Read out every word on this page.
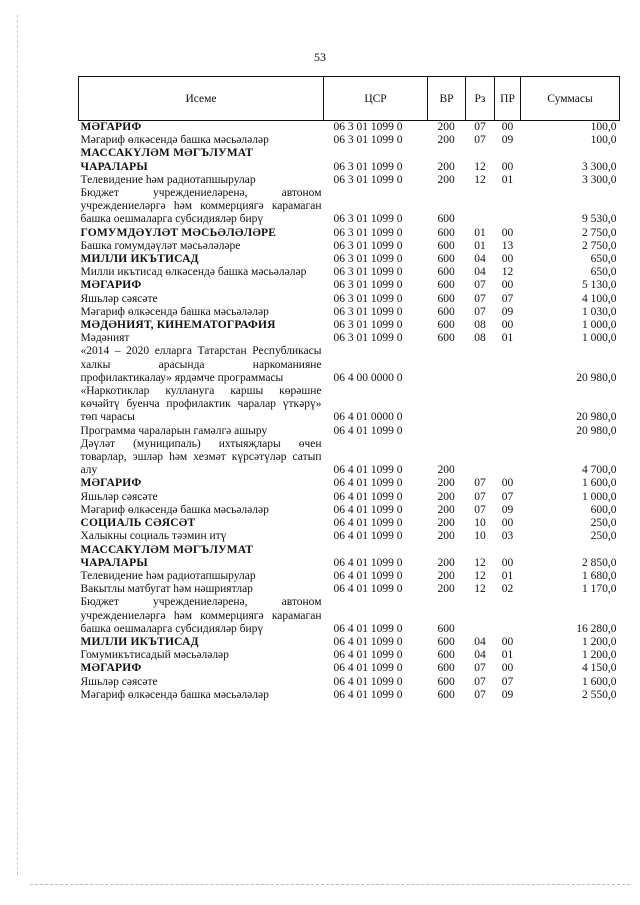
53
Исеме	ЦСР	ВР	Рз	ПР	Суммасы
МӘГАРИФ	06 3 01 1099 0	200	07	00	100,0
Мәгариф өлкәсендә башка мәсьәләләр	06 3 01 1099 0	200	07	09	100,0
МАССАКҮЛӘМ МӘГЪЛУМАТ ЧАРАЛАРЫ	06 3 01 1099 0	200	12	00	3 300,0
Телевидение һәм радиотапшырулар	06 3 01 1099 0	200	12	01	3 300,0
Бюджет учреждениеләренә, автоном учреждениеләргә һәм коммерциягә карамаган башка оешмаларга субсидияләр бирү	06 3 01 1099 0	600			9 530,0
ГОМУМДӘҮЛӘТ МӘСЬӘЛӘЛӘРЕ	06 3 01 1099 0	600	01	00	2 750,0
Башка гомумдәүләт мәсьәләләре	06 3 01 1099 0	600	01	13	2 750,0
МИЛЛИ ИКЪТИСАД	06 3 01 1099 0	600	04	00	650,0
Милли икътисад өлкәсендә башка мәсьәләләр	06 3 01 1099 0	600	04	12	650,0
МӘГАРИФ	06 3 01 1099 0	600	07	00	5 130,0
Яшьләр сәясәте	06 3 01 1099 0	600	07	07	4 100,0
Мәгариф өлкәсендә башка мәсьәләләр	06 3 01 1099 0	600	07	09	1 030,0
МӘДӘНИЯТ, КИНЕМАТОГРАФИЯ	06 3 01 1099 0	600	08	00	1 000,0
Мәдәният	06 3 01 1099 0	600	08	01	1 000,0
«2014 – 2020 елларга Татарстан Республикасы халкы арасында наркоманияне профилактикалау» ярдәмче программасы	06 4 00 0000 0				20 980,0
«Наркотиклар куллануга каршы көрәшне көчәйтү буенча профилактик чаралар үткәрү» төп чарасы	06 4 01 0000 0				20 980,0
Программа чараларын гамәлгә ашыру	06 4 01 1099 0				20 980,0
Дәүләт (муниципаль) ихтыяҗлары өчен товарлар, эшләр һәм хезмәт күрсәтүләр сатып алу	06 4 01 1099 0	200			4 700,0
МӘГАРИФ	06 4 01 1099 0	200	07	00	1 600,0
Яшьләр сәясәте	06 4 01 1099 0	200	07	07	1 000,0
Мәгариф өлкәсендә башка мәсьәләләр	06 4 01 1099 0	200	07	09	600,0
СОЦИАЛЬ СӘЯСӘТ	06 4 01 1099 0	200	10	00	250,0
Халыкны социаль тәэмин итү	06 4 01 1099 0	200	10	03	250,0
МАССАКҮЛӘМ МӘГЪЛУМАТ ЧАРАЛАРЫ	06 4 01 1099 0	200	12	00	2 850,0
Телевидение һәм радиотапшырулар	06 4 01 1099 0	200	12	01	1 680,0
Вакытлы матбугат һәм нәшриятлар	06 4 01 1099 0	200	12	02	1 170,0
Бюджет учреждениеләренә, автоном учреждениеләргә һәм коммерциягә карамаган башка оешмаларга субсидияләр бирү	06 4 01 1099 0	600			16 280,0
МИЛЛИ ИКЪТИСАД	06 4 01 1099 0	600	04	00	1 200,0
Гомумикътисадый мәсьәләләр	06 4 01 1099 0	600	04	01	1 200,0
МӘГАРИФ	06 4 01 1099 0	600	07	00	4 150,0
Яшьләр сәясәте	06 4 01 1099 0	600	07	07	1 600,0
Мәгариф өлкәсендә башка мәсьәләләр	06 4 01 1099 0	600	07	09	2 550,0
